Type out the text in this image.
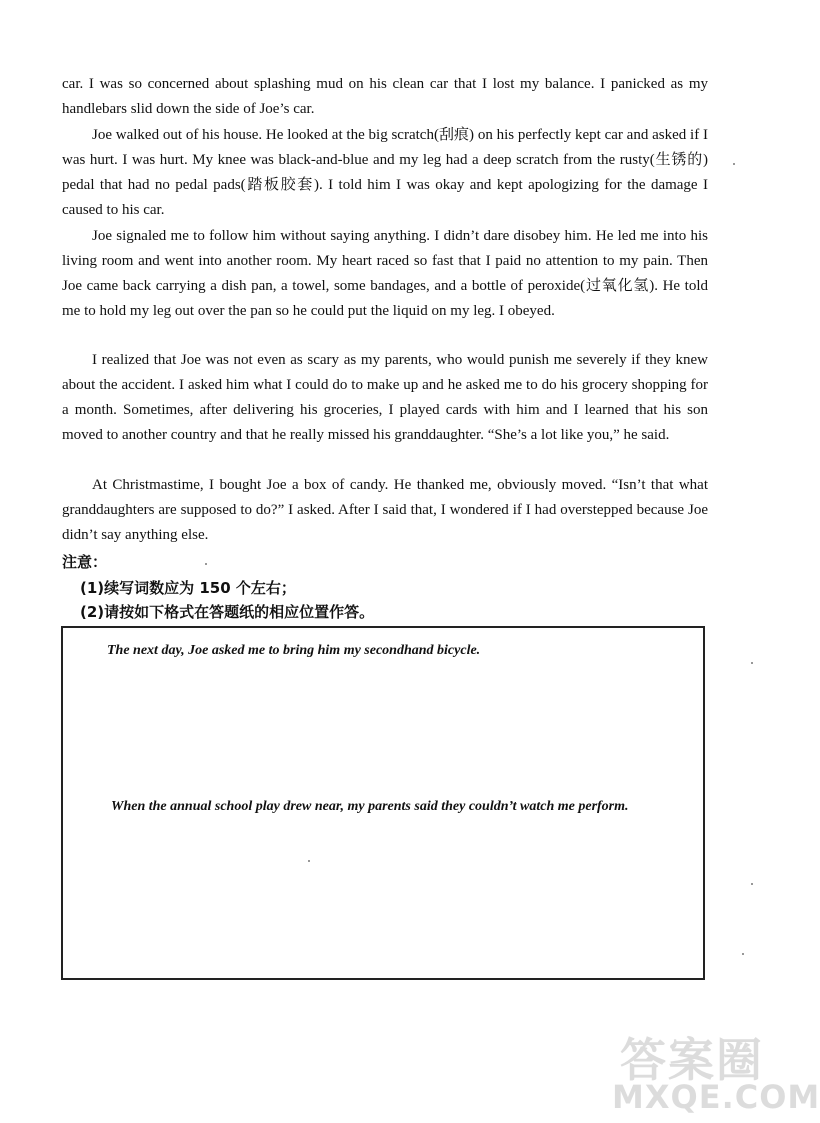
car. I was so concerned about splashing mud on his clean car that I lost my balance. I panicked as my handlebars slid down the side of Joe’s car.

Joe walked out of his house. He looked at the big scratch(刮痕) on his perfectly kept car and asked if I was hurt. I was hurt. My knee was black-and-blue and my leg had a deep scratch from the rusty(生锈的) pedal that had no pedal pads(踏板胶套). I told him I was okay and kept apologizing for the damage I caused to his car.

Joe signaled me to follow him without saying anything. I didn’t dare disobey him. He led me into his living room and went into another room. My heart raced so fast that I paid no attention to my pain. Then Joe came back carrying a dish pan, a towel, some bandages, and a bottle of peroxide(过氧化氢). He told me to hold my leg out over the pan so he could put the liquid on my leg. I obeyed.

I realized that Joe was not even as scary as my parents, who would punish me severely if they knew about the accident. I asked him what I could do to make up and he asked me to do his grocery shopping for a month. Sometimes, after delivering his groceries, I played cards with him and I learned that his son moved to another country and that he really missed his granddaughter. “She’s a lot like you,” he said.

At Christmastime, I bought Joe a box of candy. He thanked me, obviously moved. “Isn’t that what granddaughters are supposed to do?” I asked. After I said that, I wondered if I had overstepped because Joe didn’t say anything else.

注意：
(1)续写词数应为 150 个左右；
(2)请按如下格式在答题纸的相应位置作答。

The next day, Joe asked me to bring him my secondhand bicycle.

When the annual school play drew near, my parents said they couldn’t watch me perform.

答案圈
MXQE.COM
